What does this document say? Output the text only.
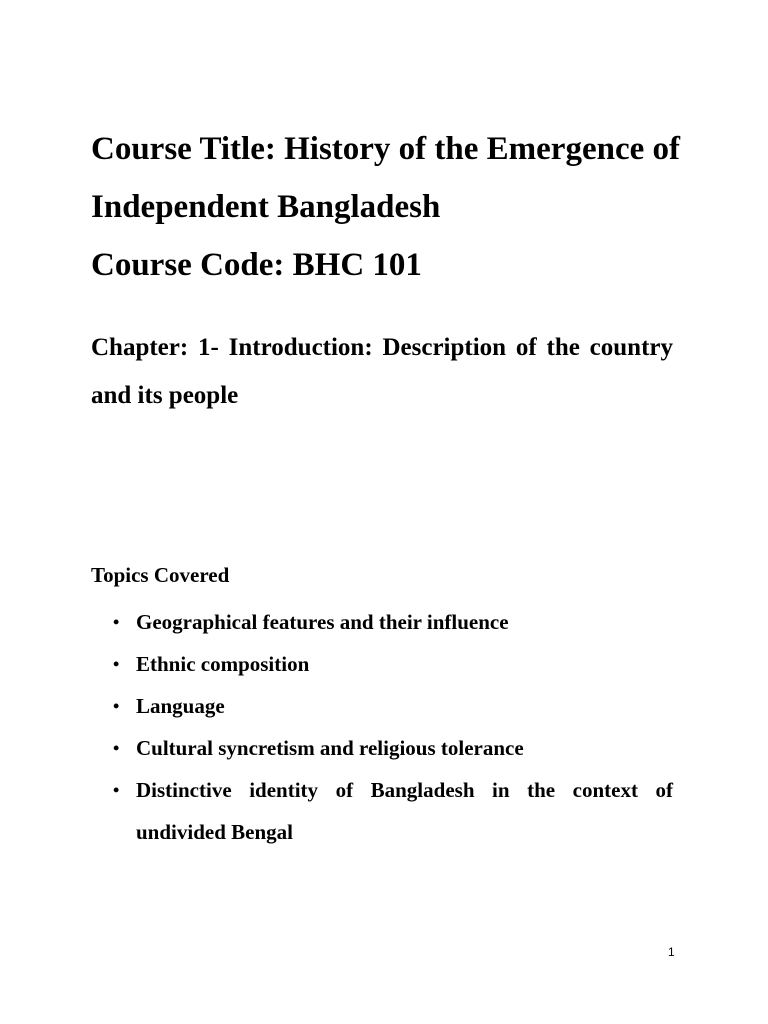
Course Title: History of the Emergence of
Independent Bangladesh
Course Code: BHC 101
Chapter: 1- Introduction: Description of the country and its people
Topics Covered
• Geographical features and their influence
• Ethnic composition
• Language
• Cultural syncretism and religious tolerance
• Distinctive identity of Bangladesh in the context of undivided Bengal
1
